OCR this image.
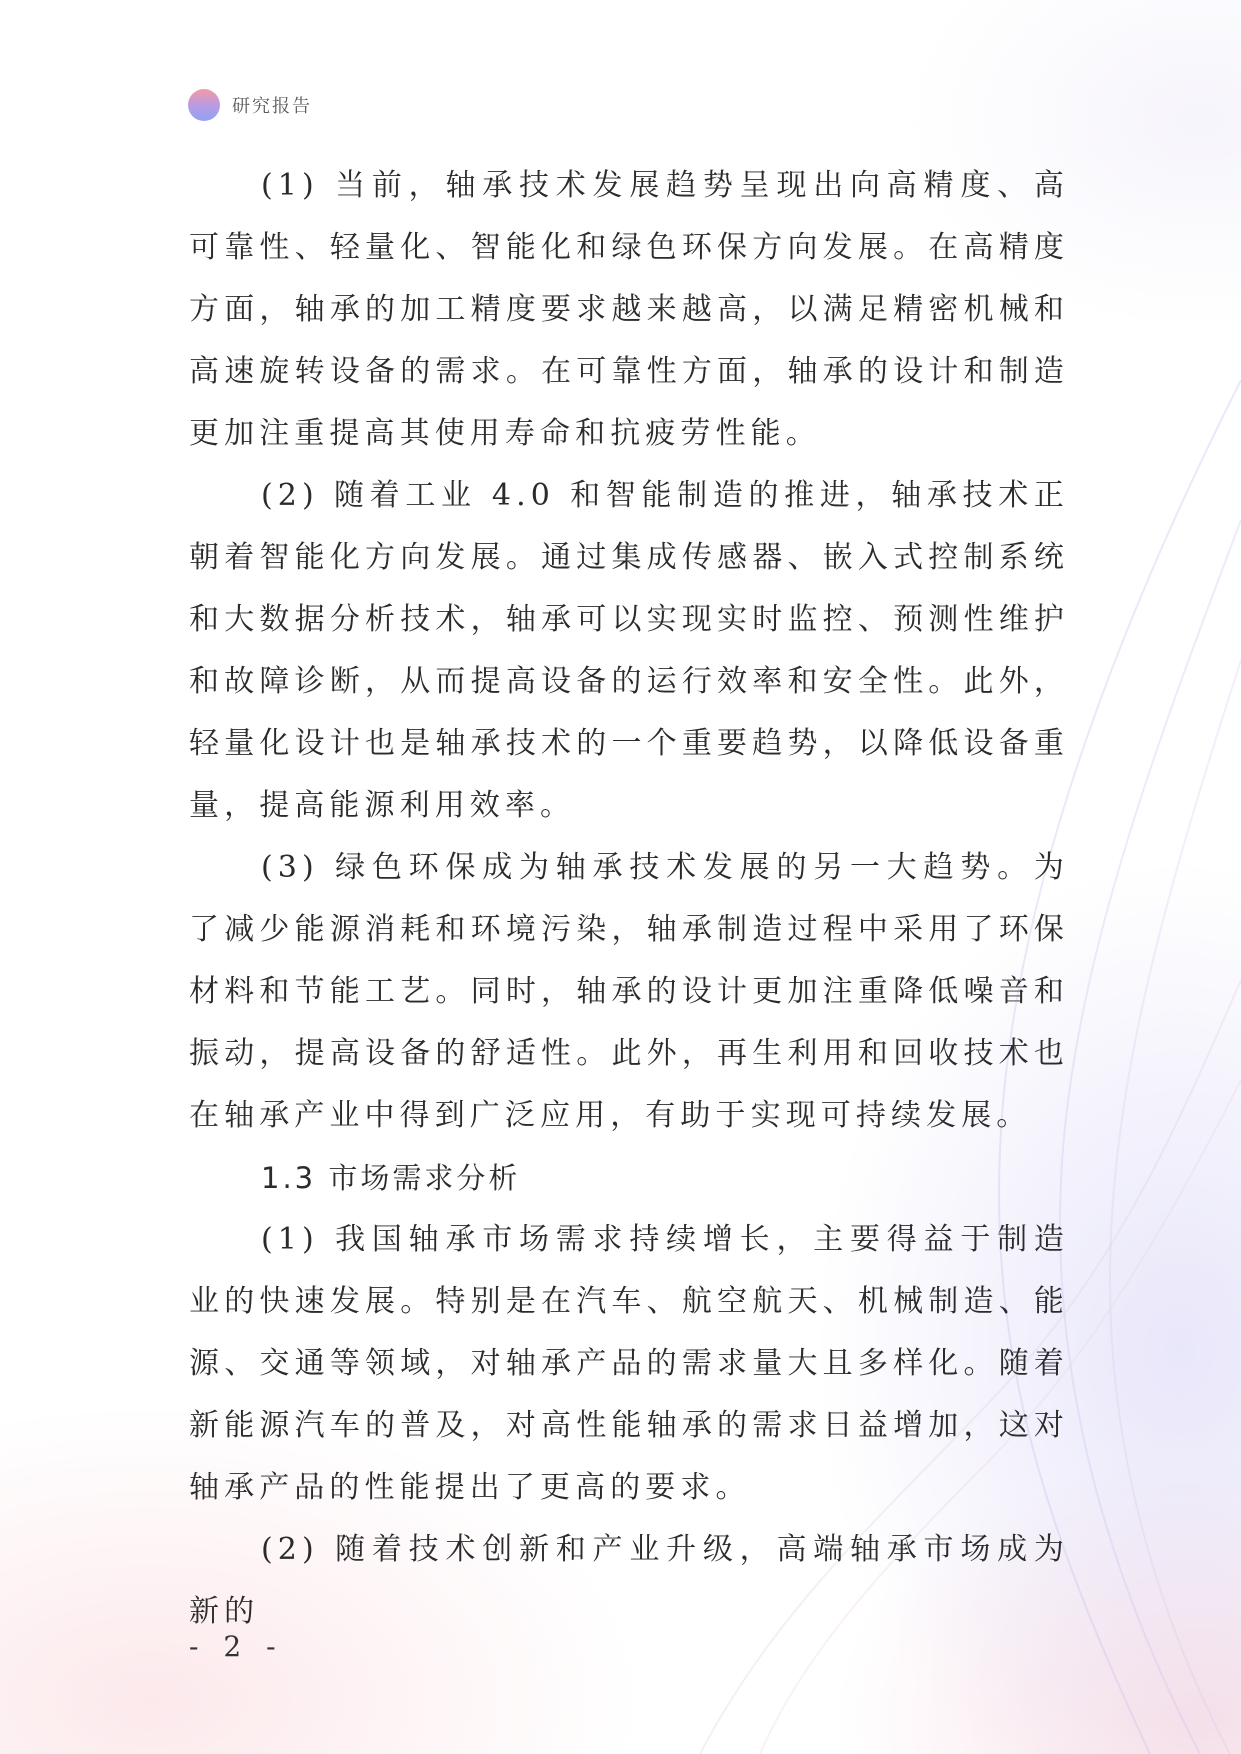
研究报告

(1) 当前，轴承技术发展趋势呈现出向高精度、高可靠性、轻量化、智能化和绿色环保方向发展。在高精度方面，轴承的加工精度要求越来越高，以满足精密机械和高速旋转设备的需求。在可靠性方面，轴承的设计和制造更加注重提高其使用寿命和抗疲劳性能。

(2) 随着工业 4.0 和智能制造的推进，轴承技术正朝着智能化方向发展。通过集成传感器、嵌入式控制系统和大数据分析技术，轴承可以实现实时监控、预测性维护和故障诊断，从而提高设备的运行效率和安全性。此外，轻量化设计也是轴承技术的一个重要趋势，以降低设备重量，提高能源利用效率。

(3) 绿色环保成为轴承技术发展的另一大趋势。为了减少能源消耗和环境污染，轴承制造过程中采用了环保材料和节能工艺。同时，轴承的设计更加注重降低噪音和振动，提高设备的舒适性。此外，再生利用和回收技术也在轴承产业中得到广泛应用，有助于实现可持续发展。

1.3 市场需求分析

(1) 我国轴承市场需求持续增长，主要得益于制造业的快速发展。特别是在汽车、航空航天、机械制造、能源、交通等领域，对轴承产品的需求量大且多样化。随着新能源汽车的普及，对高性能轴承的需求日益增加，这对轴承产品的性能提出了更高的要求。

(2) 随着技术创新和产业升级，高端轴承市场成为新的

- 2 -
